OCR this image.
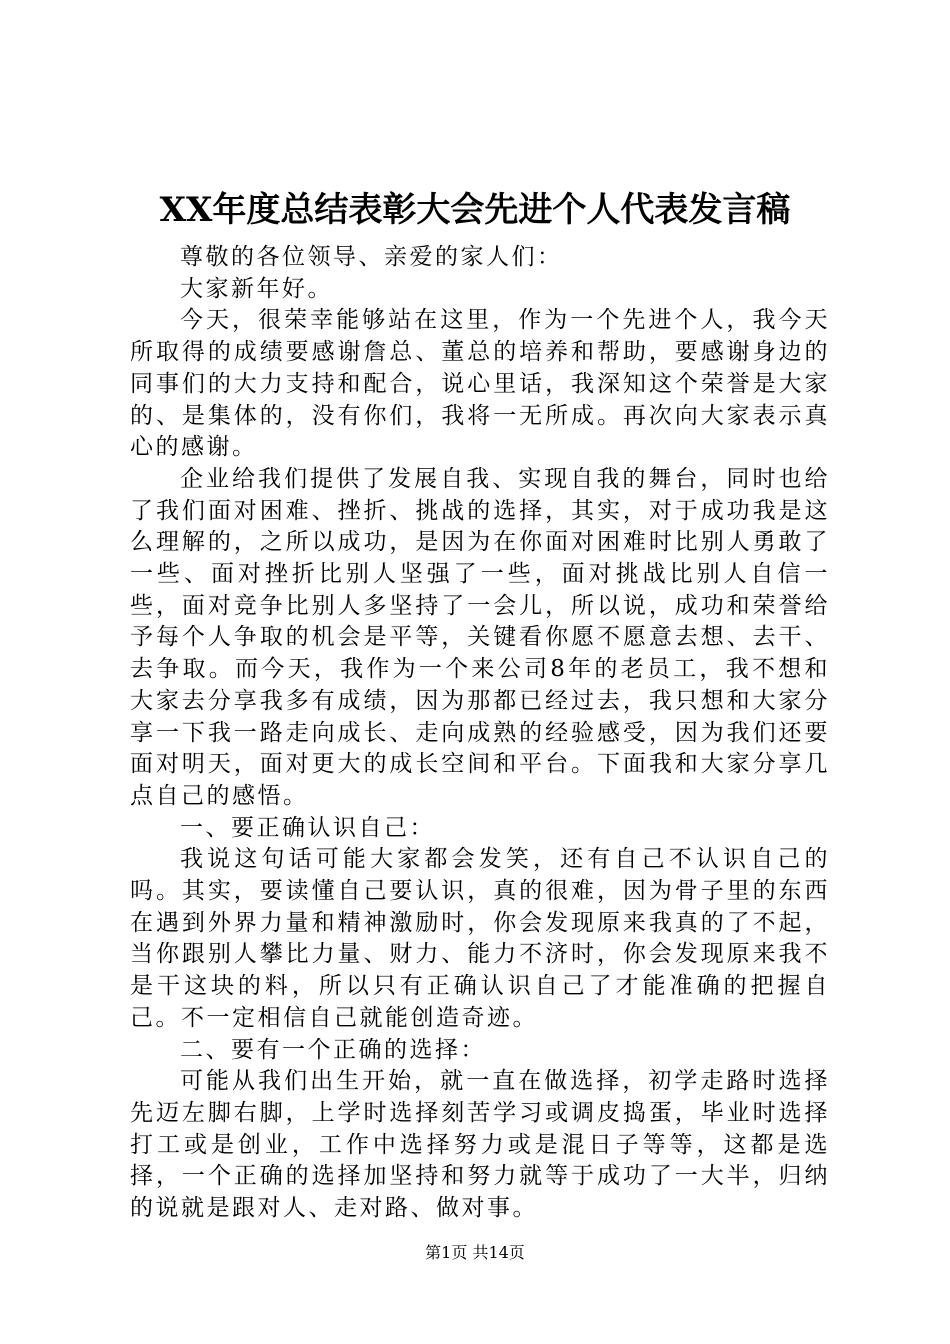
XX年度总结表彰大会先进个人代表发言稿

尊敬的各位领导、亲爱的家人们：

大家新年好。

今天，很荣幸能够站在这里，作为一个先进个人，我今天所取得的成绩要感谢詹总、董总的培养和帮助，要感谢身边的同事们的大力支持和配合，说心里话，我深知这个荣誉是大家的、是集体的，没有你们，我将一无所成。再次向大家表示真心的感谢。

企业给我们提供了发展自我、实现自我的舞台，同时也给了我们面对困难、挫折、挑战的选择，其实，对于成功我是这么理解的，之所以成功，是因为在你面对困难时比别人勇敢了一些、面对挫折比别人坚强了一些，面对挑战比别人自信一些，面对竞争比别人多坚持了一会儿，所以说，成功和荣誉给予每个人争取的机会是平等，关键看你愿不愿意去想、去干、去争取。而今天，我作为一个来公司8年的老员工，我不想和大家去分享我多有成绩，因为那都已经过去，我只想和大家分享一下我一路走向成长、走向成熟的经验感受，因为我们还要面对明天，面对更大的成长空间和平台。下面我和大家分享几点自己的感悟。

一、要正确认识自己：

我说这句话可能大家都会发笑，还有自己不认识自己的吗。其实，要读懂自己要认识，真的很难，因为骨子里的东西在遇到外界力量和精神激励时，你会发现原来我真的了不起，当你跟别人攀比力量、财力、能力不济时，你会发现原来我不是干这块的料，所以只有正确认识自己了才能准确的把握自己。不一定相信自己就能创造奇迹。

二、要有一个正确的选择：

可能从我们出生开始，就一直在做选择，初学走路时选择先迈左脚右脚，上学时选择刻苦学习或调皮捣蛋，毕业时选择打工或是创业，工作中选择努力或是混日子等等，这都是选择，一个正确的选择加坚持和努力就等于成功了一大半，归纳的说就是跟对人、走对路、做对事。

第1页 共14页
